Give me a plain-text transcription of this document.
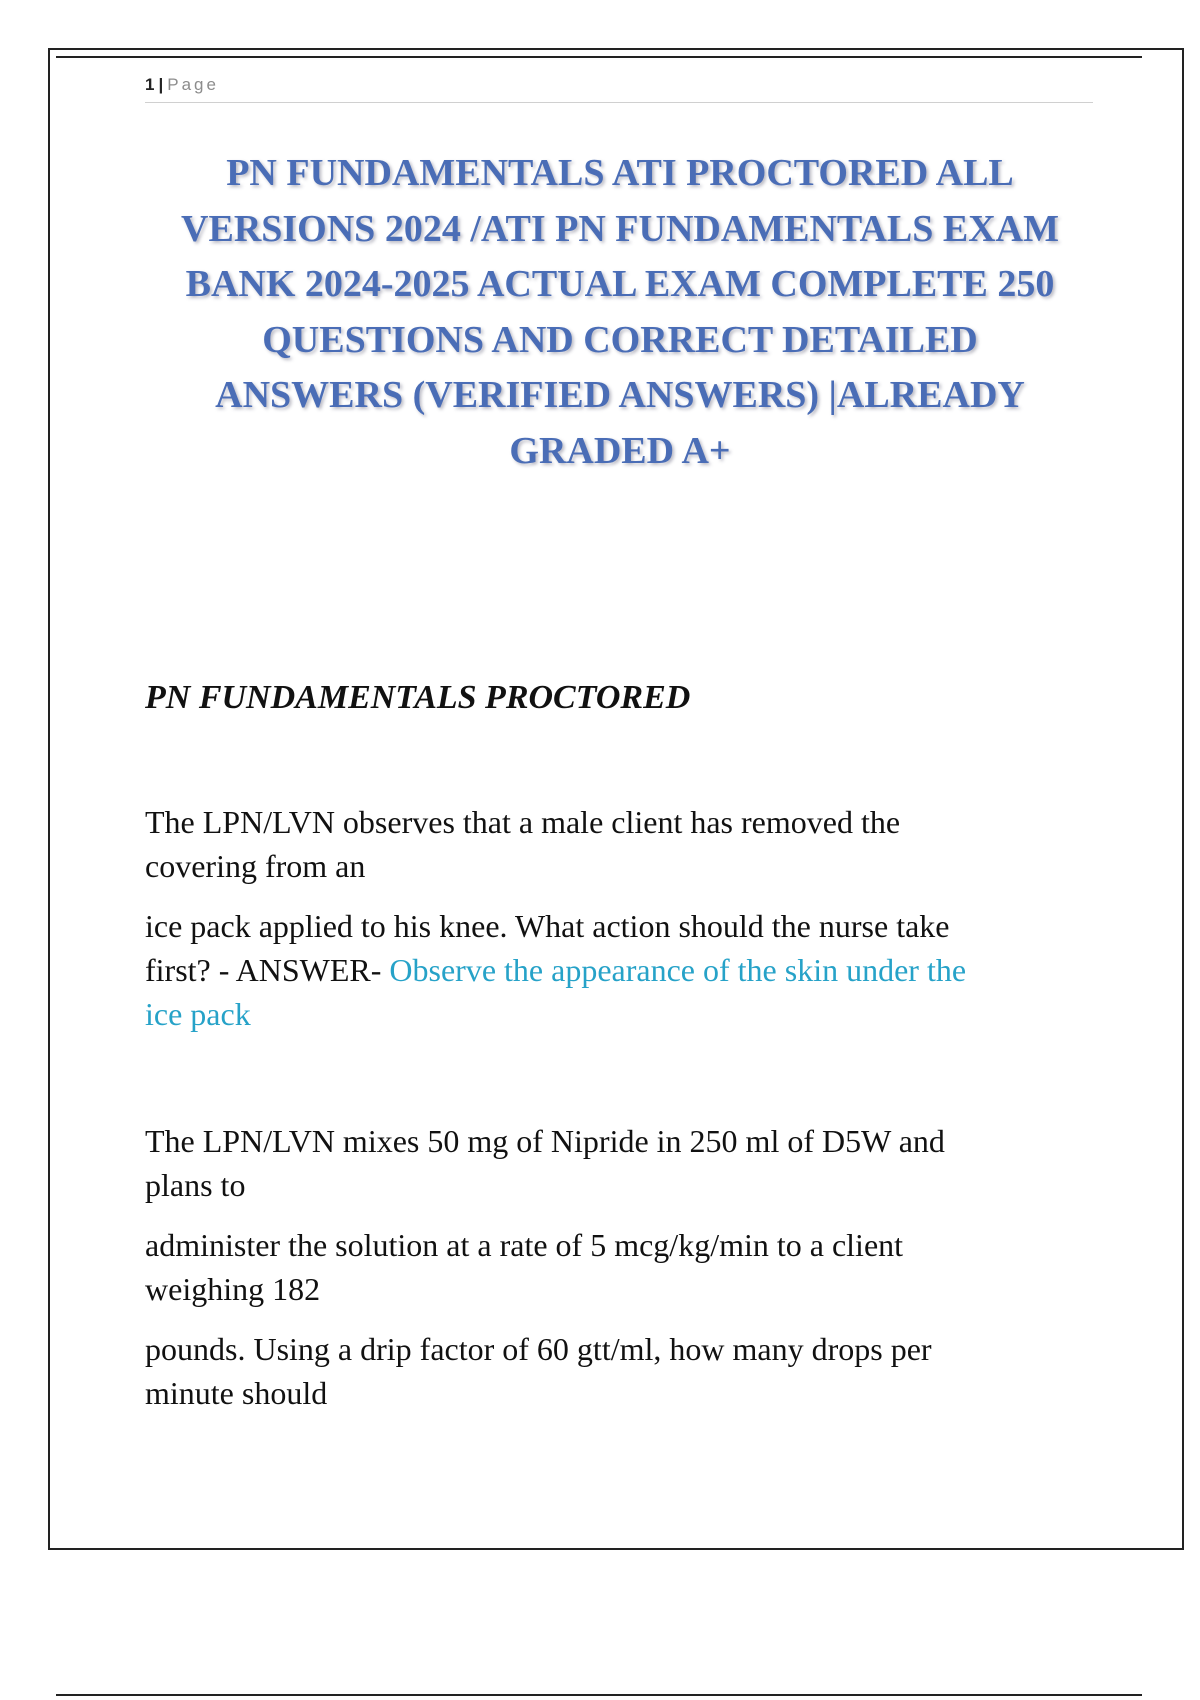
1 | Page
PN FUNDAMENTALS ATI PROCTORED ALL
VERSIONS 2024 /ATI PN FUNDAMENTALS EXAM
BANK 2024-2025 ACTUAL EXAM COMPLETE 250
QUESTIONS AND CORRECT DETAILED
ANSWERS (VERIFIED ANSWERS) |ALREADY
GRADED A+
PN FUNDAMENTALS PROCTORED

The LPN/LVN observes that a male client has removed the
covering from an

ice pack applied to his knee. What action should the nurse take
first? - ANSWER- Observe the appearance of the skin under the
ice pack

The LPN/LVN mixes 50 mg of Nipride in 250 ml of D5W and
plans to

administer the solution at a rate of 5 mcg/kg/min to a client
weighing 182

pounds. Using a drip factor of 60 gtt/ml, how many drops per
minute should
